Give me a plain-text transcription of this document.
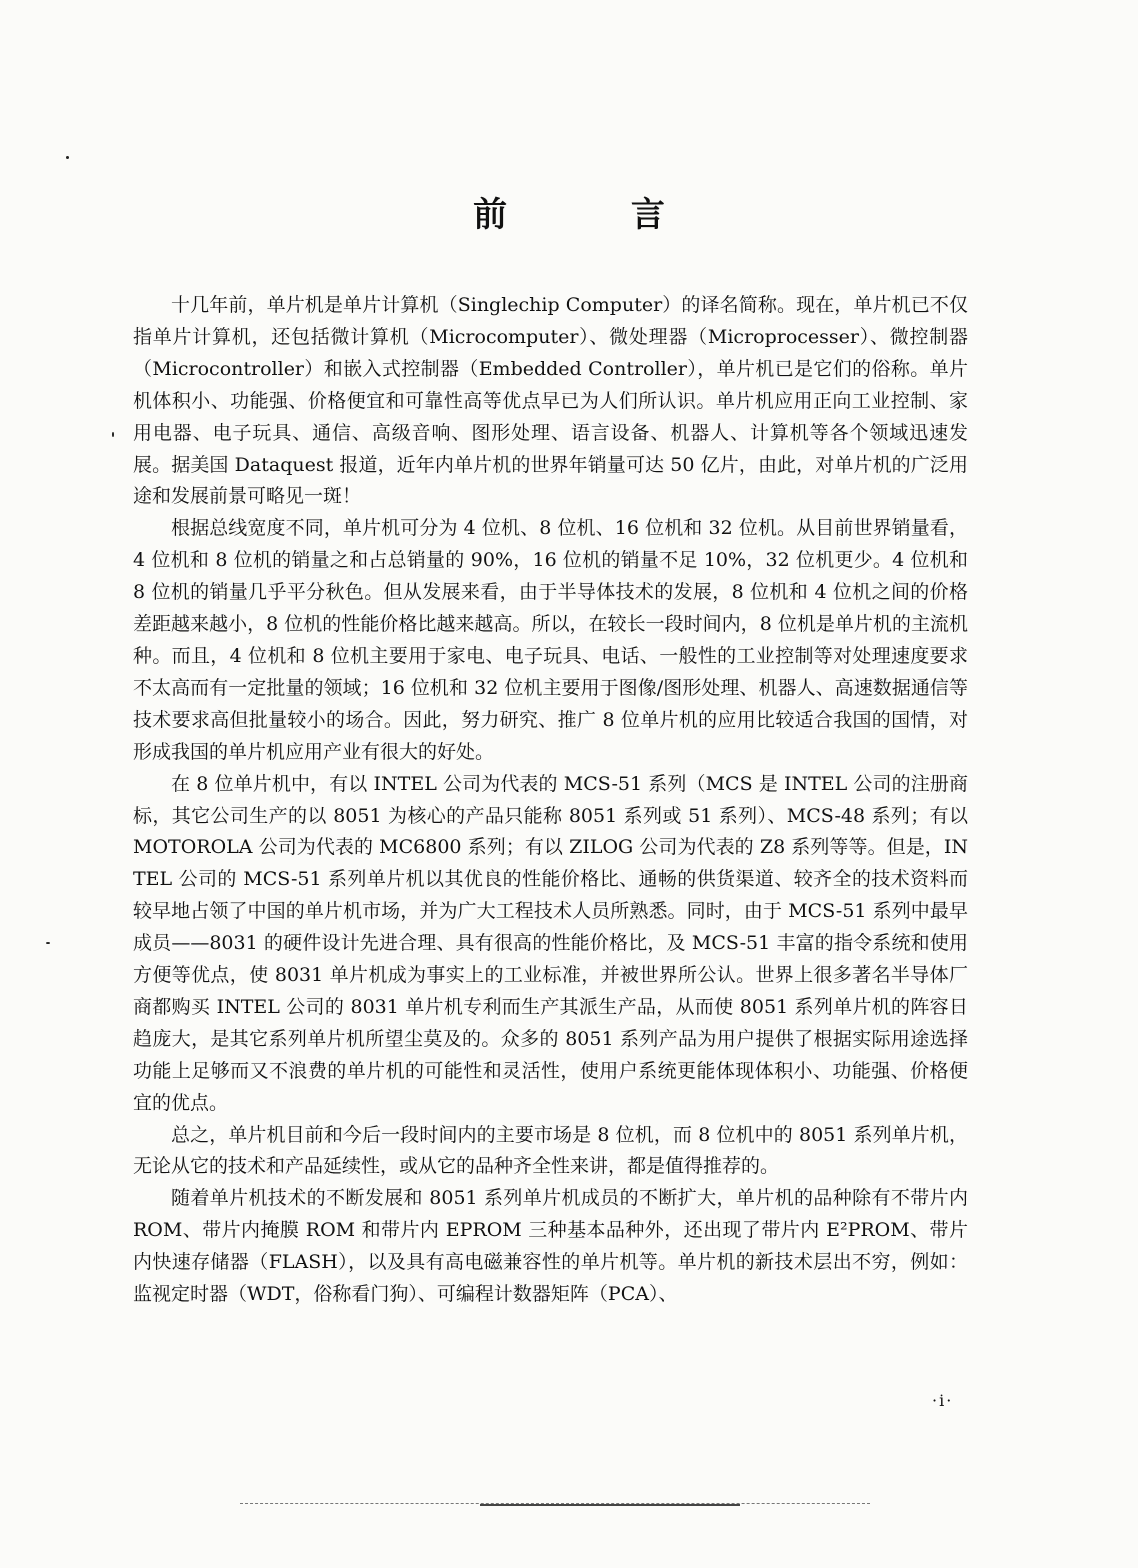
前 言

十几年前，单片机是单片计算机（Singlechip Computer）的译名简称。现在，单片机已不仅指单片计算机，还包括微计算机（Microcomputer）、微处理器（Microprocesser）、微控制器（Microcontroller）和嵌入式控制器（Embedded Controller），单片机已是它们的俗称。单片机体积小、功能强、价格便宜和可靠性高等优点早已为人们所认识。单片机应用正向工业控制、家用电器、电子玩具、通信、高级音响、图形处理、语言设备、机器人、计算机等各个领域迅速发展。据美国 Dataquest 报道，近年内单片机的世界年销量可达 50 亿片，由此，对单片机的广泛用途和发展前景可略见一斑！

根据总线宽度不同，单片机可分为 4 位机、8 位机、16 位机和 32 位机。从目前世界销量看，4 位机和 8 位机的销量之和占总销量的 90%，16 位机的销量不足 10%，32 位机更少。4 位机和 8 位机的销量几乎平分秋色。但从发展来看，由于半导体技术的发展，8 位机和 4 位机之间的价格差距越来越小，8 位机的性能价格比越来越高。所以，在较长一段时间内，8 位机是单片机的主流机种。而且，4 位机和 8 位机主要用于家电、电子玩具、电话、一般性的工业控制等对处理速度要求不太高而有一定批量的领域；16 位机和 32 位机主要用于图像/图形处理、机器人、高速数据通信等技术要求高但批量较小的场合。因此，努力研究、推广 8 位单片机的应用比较适合我国的国情，对形成我国的单片机应用产业有很大的好处。

在 8 位单片机中，有以 INTEL 公司为代表的 MCS-51 系列（MCS 是 INTEL 公司的注册商标，其它公司生产的以 8051 为核心的产品只能称 8051 系列或 51 系列）、MCS-48 系列；有以 MOTOROLA 公司为代表的 MC6800 系列；有以 ZILOG 公司为代表的 Z8 系列等等。但是，INTEL 公司的 MCS-51 系列单片机以其优良的性能价格比、通畅的供货渠道、较齐全的技术资料而较早地占领了中国的单片机市场，并为广大工程技术人员所熟悉。同时，由于 MCS-51 系列中最早成员——8031 的硬件设计先进合理、具有很高的性能价格比，及 MCS-51 丰富的指令系统和使用方便等优点，使 8031 单片机成为事实上的工业标准，并被世界所公认。世界上很多著名半导体厂商都购买 INTEL 公司的 8031 单片机专利而生产其派生产品，从而使 8051 系列单片机的阵容日趋庞大，是其它系列单片机所望尘莫及的。众多的 8051 系列产品为用户提供了根据实际用途选择功能上足够而又不浪费的单片机的可能性和灵活性，使用户系统更能体现体积小、功能强、价格便宜的优点。

总之，单片机目前和今后一段时间内的主要市场是 8 位机，而 8 位机中的 8051 系列单片机，无论从它的技术和产品延续性，或从它的品种齐全性来讲，都是值得推荐的。

随着单片机技术的不断发展和 8051 系列单片机成员的不断扩大，单片机的品种除有不带片内 ROM、带片内掩膜 ROM 和带片内 EPROM 三种基本品种外，还出现了带片内 E²PROM、带片内快速存储器（FLASH），以及具有高电磁兼容性的单片机等。单片机的新技术层出不穷，例如：监视定时器（WDT，俗称看门狗）、可编程计数器矩阵（PCA）、

·i·
